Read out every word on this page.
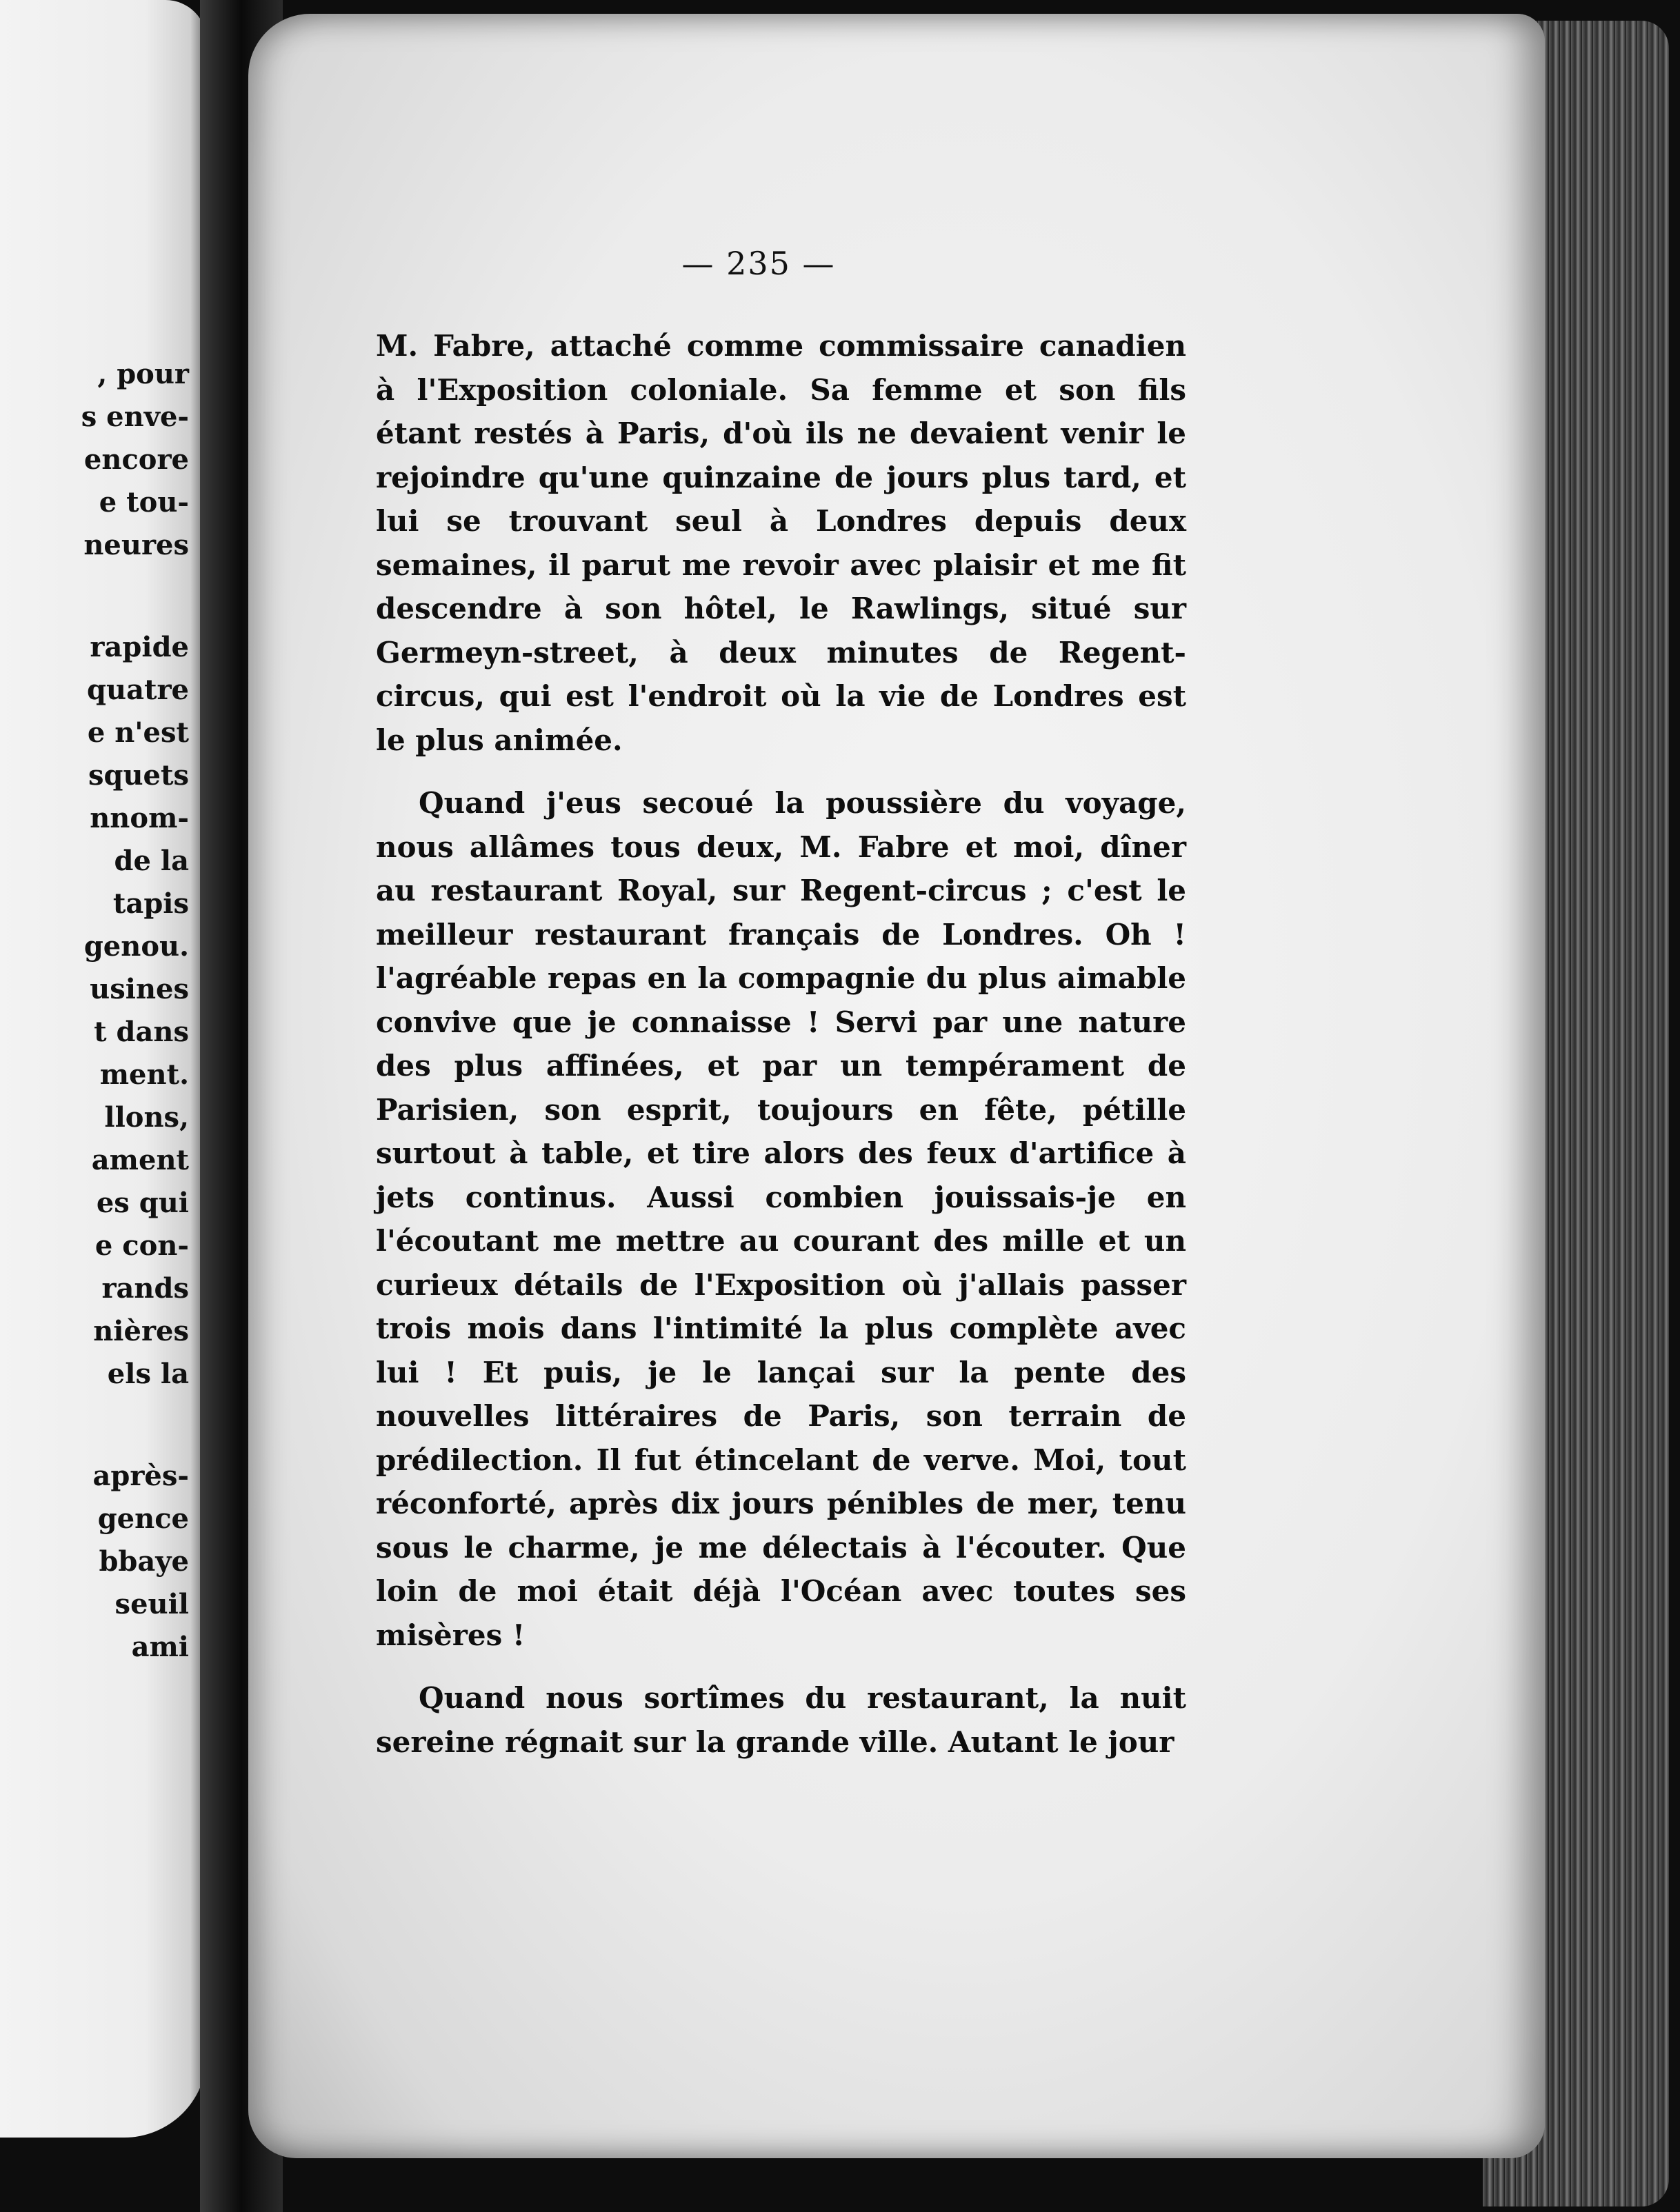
, pour
s enve-
encore
e tou-
neures
rapide
quatre
e n'est
squets
nnom-
de la
tapis
genou.
usines
t dans
ment.
llons,
ament
es qui
e con-
rands
nières
els la
après-
gence
bbaye
seuil
ami
— 235 —

M. Fabre, attaché comme commissaire canadien à l'Exposition coloniale. Sa femme et son fils étant restés à Paris, d'où ils ne devaient venir le rejoindre qu'une quinzaine de jours plus tard, et lui se trouvant seul à Londres depuis deux semaines, il parut me revoir avec plaisir et me fit descendre à son hôtel, le Rawlings, situé sur Germeyn-street, à deux minutes de Regent-circus, qui est l'endroit où la vie de Londres est le plus animée.

Quand j'eus secoué la poussière du voyage, nous allâmes tous deux, M. Fabre et moi, dîner au restaurant Royal, sur Regent-circus ; c'est le meilleur restaurant français de Londres. Oh ! l'agréable repas en la compagnie du plus aimable convive que je connaisse ! Servi par une nature des plus affinées, et par un tempérament de Parisien, son esprit, toujours en fête, pétille surtout à table, et tire alors des feux d'artifice à jets continus. Aussi combien jouissais-je en l'écoutant me mettre au courant des mille et un curieux détails de l'Exposition où j'allais passer trois mois dans l'intimité la plus complète avec lui ! Et puis, je le lançai sur la pente des nouvelles littéraires de Paris, son terrain de prédilection. Il fut étincelant de verve. Moi, tout réconforté, après dix jours pénibles de mer, tenu sous le charme, je me délectais à l'écouter. Que loin de moi était déjà l'Océan avec toutes ses misères !

Quand nous sortîmes du restaurant, la nuit sereine régnait sur la grande ville. Autant le jour
